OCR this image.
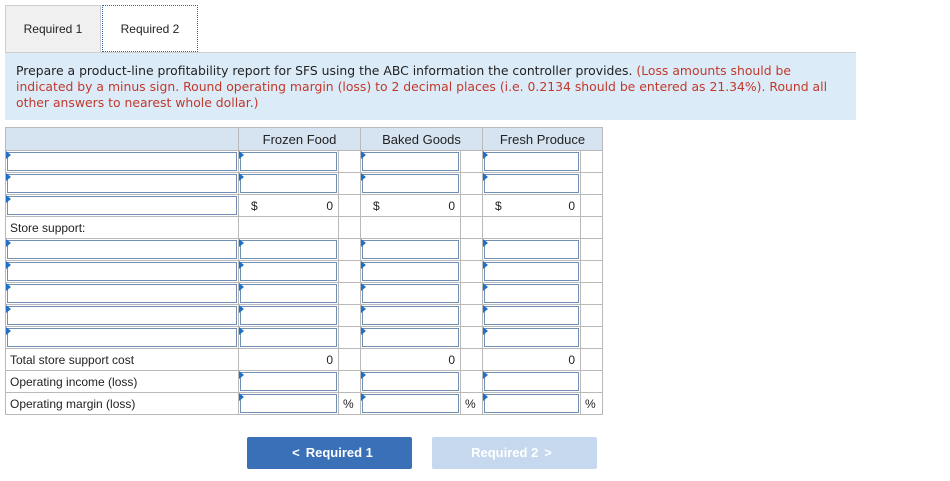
Required 1	Required 2
Prepare a product-line profitability report for SFS using the ABC information the controller provides. (Loss amounts should be indicated by a minus sign. Round operating margin (loss) to 2 decimal places (i.e. 0.2134 should be entered as 21.34%). Round all other answers to nearest whole dollar.)
	Frozen Food		Baked Goods		Fresh Produce	

	$ 0		$ 0		$ 0	

Store support:						

Total store support cost	0		0		0	

Operating income (loss)	

Operating margin (loss)		%		%		%
< Required 1	Required 2 >
